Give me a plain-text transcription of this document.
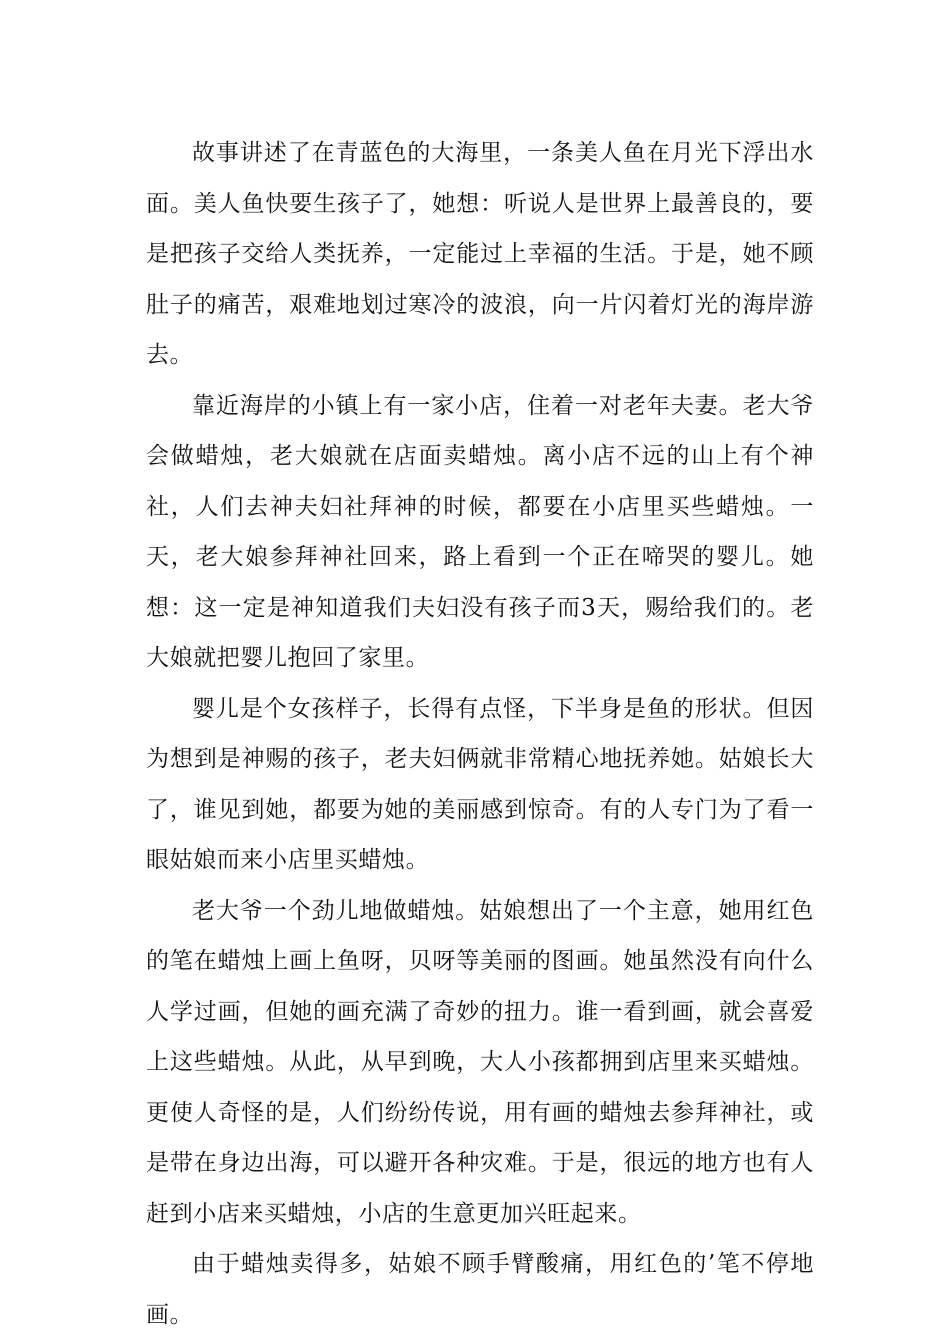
故事讲述了在青蓝色的大海里，一条美人鱼在月光下浮出水面。美人鱼快要生孩子了，她想：听说人是世界上最善良的，要是把孩子交给人类抚养，一定能过上幸福的生活。于是，她不顾肚子的痛苦，艰难地划过寒冷的波浪，向一片闪着灯光的海岸游去。

靠近海岸的小镇上有一家小店，住着一对老年夫妻。老大爷会做蜡烛，老大娘就在店面卖蜡烛。离小店不远的山上有个神社，人们去神夫妇社拜神的时候，都要在小店里买些蜡烛。一天，老大娘参拜神社回来，路上看到一个正在啼哭的婴儿。她想：这一定是神知道我们夫妇没有孩子而3天，赐给我们的。老大娘就把婴儿抱回了家里。

婴儿是个女孩样子，长得有点怪，下半身是鱼的形状。但因为想到是神赐的孩子，老夫妇俩就非常精心地抚养她。姑娘长大了，谁见到她，都要为她的美丽感到惊奇。有的人专门为了看一眼姑娘而来小店里买蜡烛。

老大爷一个劲儿地做蜡烛。姑娘想出了一个主意，她用红色的笔在蜡烛上画上鱼呀，贝呀等美丽的图画。她虽然没有向什么人学过画，但她的画充满了奇妙的扭力。谁一看到画，就会喜爱上这些蜡烛。从此，从早到晚，大人小孩都拥到店里来买蜡烛。更使人奇怪的是，人们纷纷传说，用有画的蜡烛去参拜神社，或是带在身边出海，可以避开各种灾难。于是，很远的地方也有人赶到小店来买蜡烛，小店的生意更加兴旺起来。

由于蜡烛卖得多，姑娘不顾手臂酸痛，用红色的’笔不停地画。
